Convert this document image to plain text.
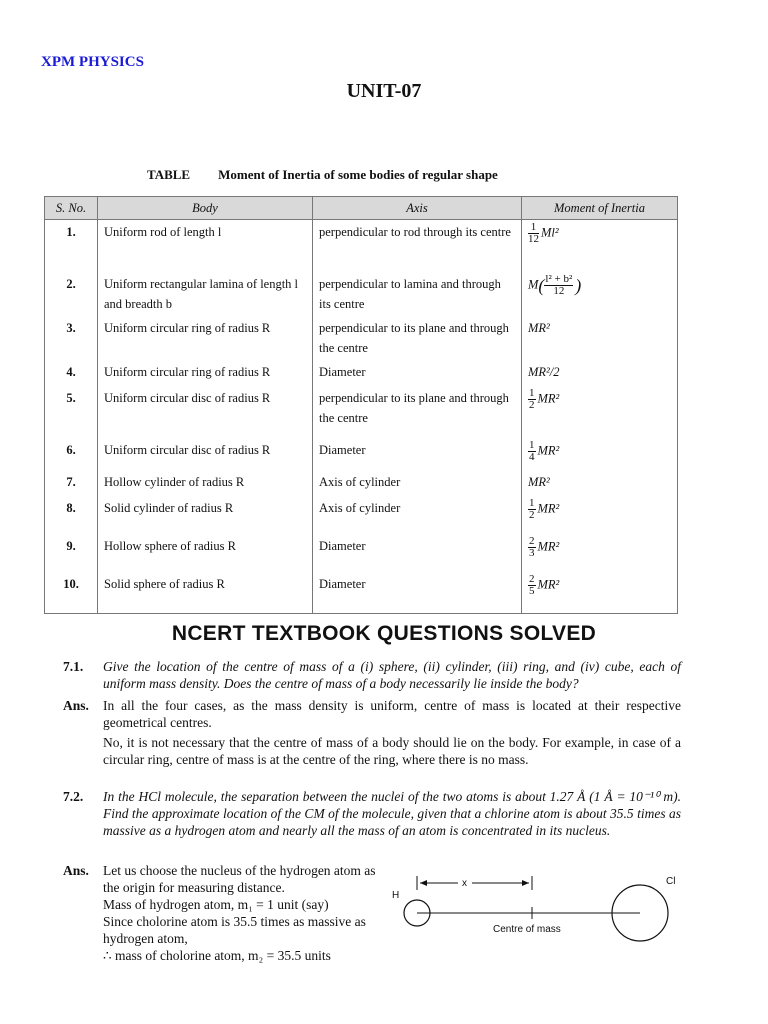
XPM PHYSICS
UNIT-07
TABLE Moment of Inertia of some bodies of regular shape
S. No.	Body	Axis	Moment of Inertia
1.	Uniform rod of length l	perpendicular to rod through its centre	$\frac{1}{12} Ml^2$
2.	Uniform rectangular lamina of length l and breadth b	perpendicular to lamina and through its centre	$M( \frac{\text{l² + b²}}{12}$ )
3.	Uniform circular ring of radius R	perpendicular to its plane and through the centre	MR²
4.	Uniform circular ring of radius R	Diameter	MR²/2
5.	Uniform circular disc of radius R	perpendicular to its plane and through the centre	$\frac{1}{2} MR^2$
6.	Uniform circular disc of radius R	Diameter	$\frac{1}{4} MR^2$
7.	Hollow cylinder of radius R	Axis of cylinder	MR²
8.	Solid cylinder of radius R	Axis of cylinder	$\frac{1}{2} MR^2$
9.	Hollow sphere of radius R	Diameter	$\frac{2}{3} MR^2$
10.	Solid sphere of radius R	Diameter	$\frac{2}{5} MR^2$
NCERT TEXTBOOK QUESTIONS SOLVED
7.1.	Give the location of the centre of mass of a (i) sphere, (ii) cylinder, (iii) ring, and (iv) cube, each of uniform mass density. Does the centre of mass of a body necessarily lie inside the body?
Ans.	In all the four cases, as the mass density is uniform, centre of mass is located at their respective geometrical centres.
No, it is not necessary that the centre of mass of a body should lie on the body. For example, in case of a circular ring, centre of mass is at the centre of the ring, where there is no mass.
7.2.	In the HCl molecule, the separation between the nuclei of the two atoms is about 1.27 Å (1 Å = 10⁻¹⁰ m). Find the approximate location of the CM of the molecule, given that a chlorine atom is about 35.5 times as massive as a hydrogen atom and nearly all the mass of an atom is concentrated in its nucleus.
Ans. Let us choose the nucleus of the hydrogen atom as the origin for measuring distance.
Mass of hydrogen atom, m₁ = 1 unit (say)
Since cholorine atom is 35.5 times as massive as hydrogen atom,
∴ mass of cholorine atom, m₂ = 35.5 units
H
Cl
x
Centre of mass
